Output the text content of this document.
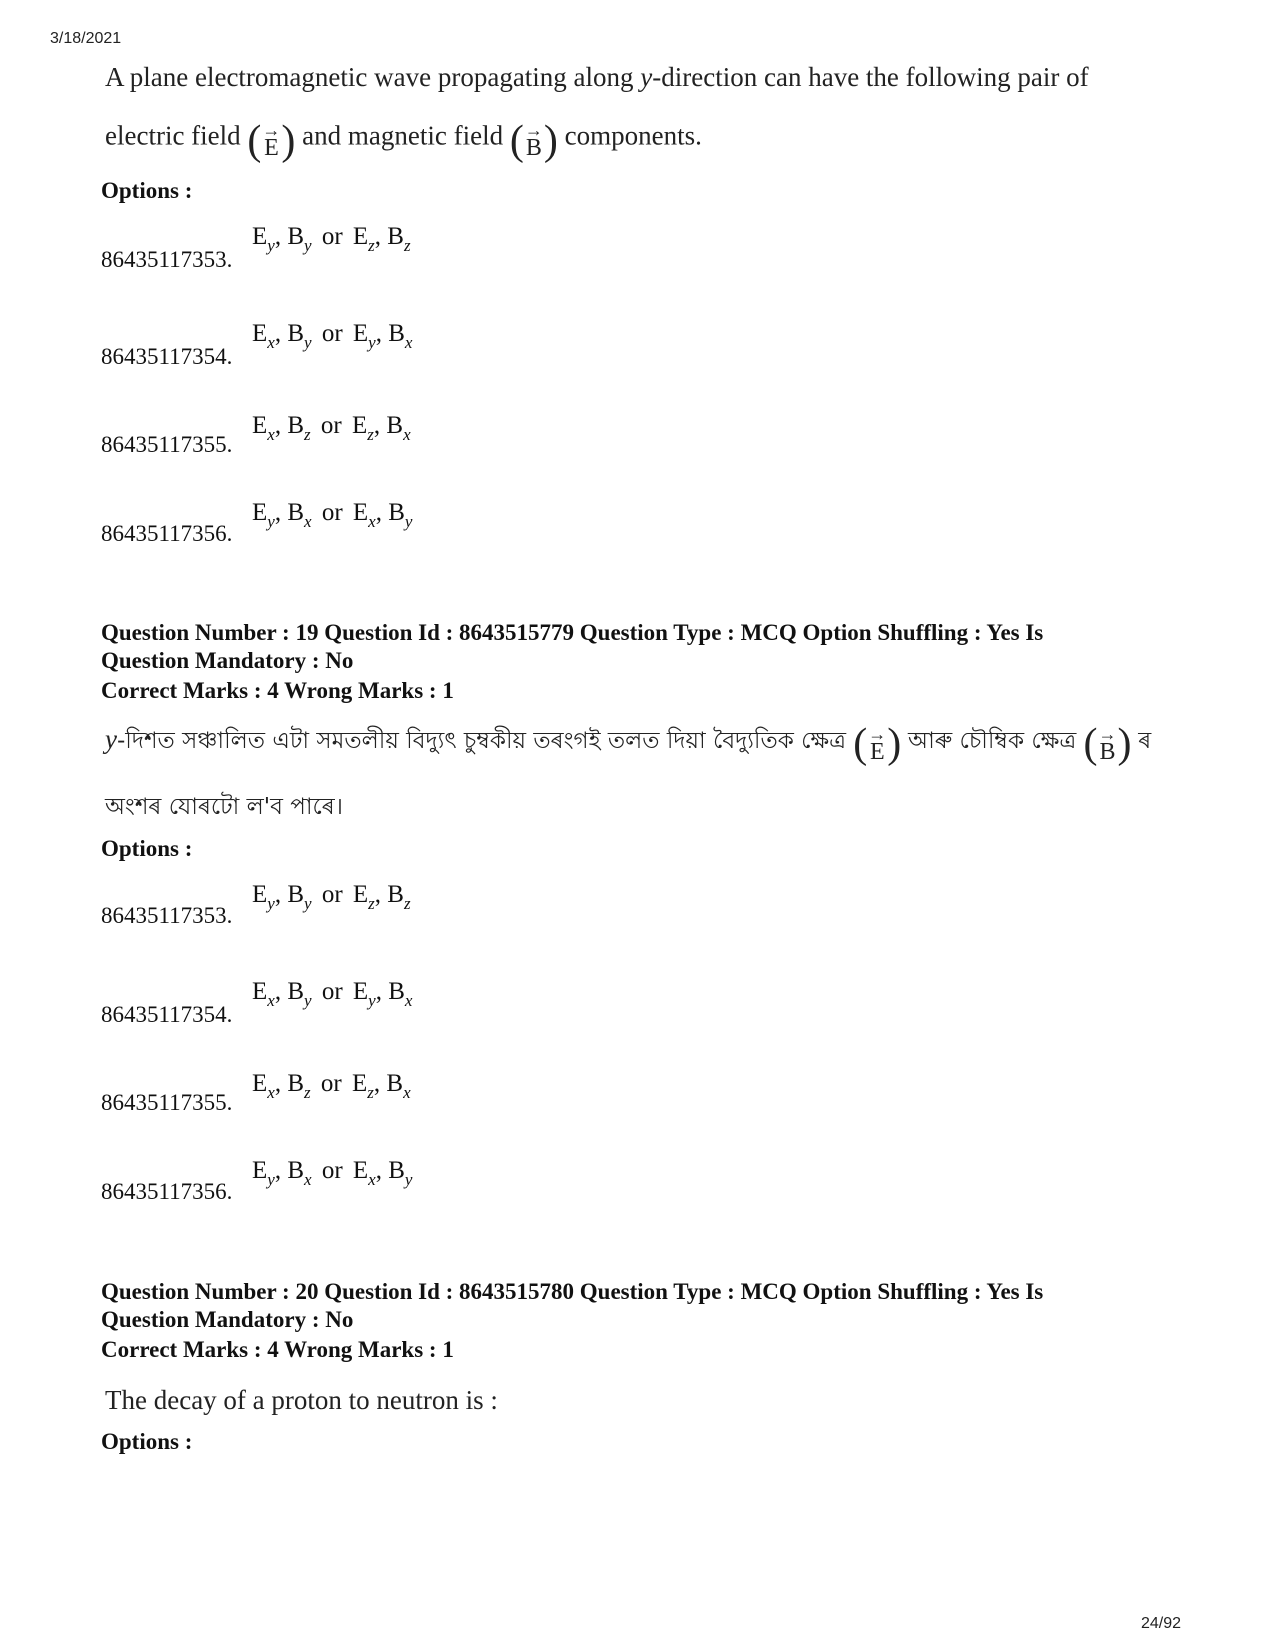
3/18/2021
A plane electromagnetic wave propagating along y-direction can have the following pair of
electric field ( →
E ) and magnetic field ( →
B ) components.
Options :
86435117353.
$E_y$, $B_y$ or $E_z$, $B_z$
86435117354.
$E_x$, $B_y$ or $E_y$, $B_x$
86435117355.
$E_x$, $B_z$ or $E_z$, $B_x$
86435117356.
$E_y$, $B_x$ or $E_x$, $B_y$
Question Number : 19 Question Id : 8643515779 Question Type : MCQ Option Shuffling : Yes Is
Question Mandatory : No
Correct Marks : 4 Wrong Marks : 1
y-দিশত সঞ্চালিত এটা সমতলীয় বিদ্যুৎ চুম্বকীয় তৰংগই তলত দিয়া বৈদ্যুতিক ক্ষেত্র ( →
E ) আৰু চৌম্বিক ক্ষেত্র ( →
B ) ৰ
অংশৰ যোৰটো ল'ব পাৰে।
Options :
86435117353.
$E_y$, $B_y$ or $E_z$, $B_z$
86435117354.
$E_x$, $B_y$ or $E_y$, $B_x$
86435117355.
$E_x$, $B_z$ or $E_z$, $B_x$
86435117356.
$E_y$, $B_x$ or $E_x$, $B_y$
Question Number : 20 Question Id : 8643515780 Question Type : MCQ Option Shuffling : Yes Is
Question Mandatory : No
Correct Marks : 4 Wrong Marks : 1
The decay of a proton to neutron is :
Options :
24/92
